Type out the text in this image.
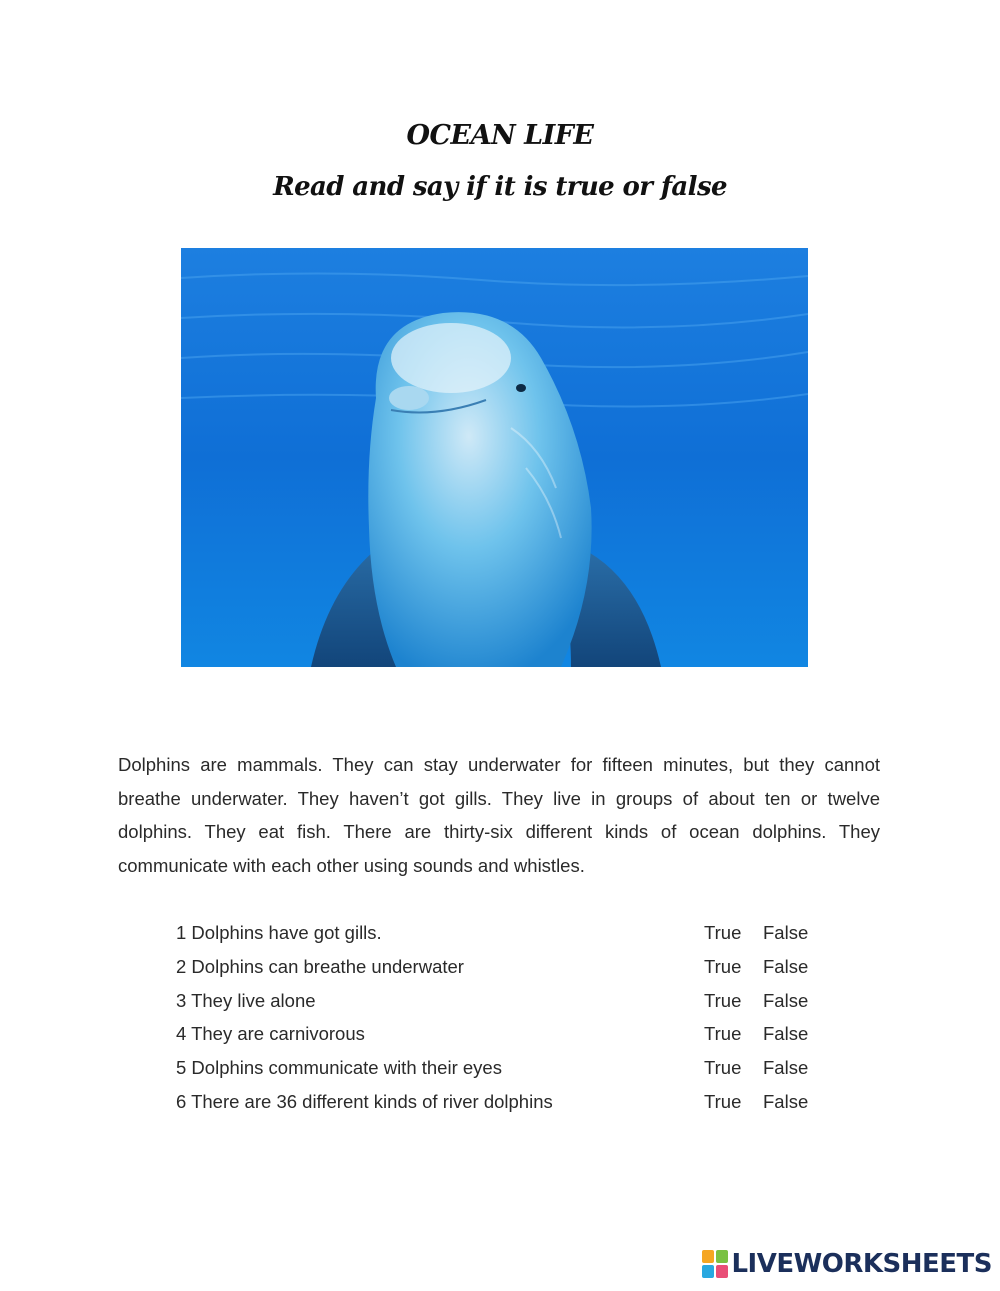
OCEAN LIFE
Read and say if it is true or false

Dolphins are mammals. They can stay underwater for fifteen minutes, but they cannot breathe underwater. They haven’t got gills. They live in groups of about ten or twelve dolphins. They eat fish. There are thirty-six different kinds of ocean dolphins. They communicate with each other using sounds and whistles.

1 Dolphins have got gills.	True False
2 Dolphins can breathe underwater	True False
3 They live alone	True False
4 They are carnivorous	True False
5 Dolphins communicate with their eyes	True False
6 There are 36 different kinds of river dolphins	True False
LIVEWORKSHEETS
